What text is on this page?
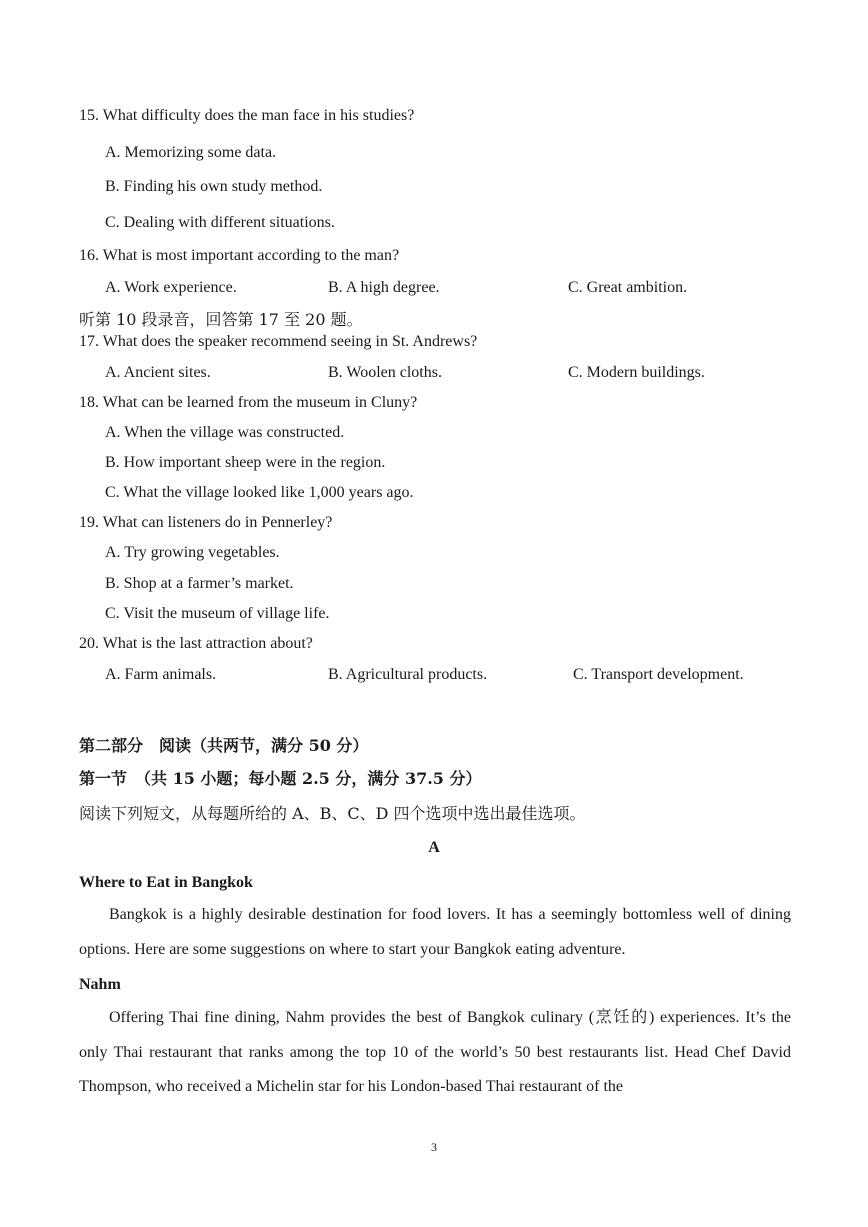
15. What difficulty does the man face in his studies?
A. Memorizing some data.
B. Finding his own study method.
C. Dealing with different situations.
16. What is most important according to the man?
A. Work experience.	B. A high degree.	C. Great ambition.
听第 10 段录音，回答第 17 至 20 题。
17. What does the speaker recommend seeing in St. Andrews?
A. Ancient sites.	B. Woolen cloths.	C. Modern buildings.
18. What can be learned from the museum in Cluny?
A. When the village was constructed.
B. How important sheep were in the region.
C. What the village looked like 1,000 years ago.
19. What can listeners do in Pennerley?
A. Try growing vegetables.
B. Shop at a farmer’s market.
C. Visit the museum of village life.
20. What is the last attraction about?
A. Farm animals.	B. Agricultural products.	C. Transport development.
第二部分　阅读（共两节，满分 50 分）
第一节　（共 15 小题；每小题 2.5 分，满分 37.5 分）
阅读下列短文，从每题所给的 A、B、C、D 四个选项中选出最佳选项。
A
Where to Eat in Bangkok
Bangkok is a highly desirable destination for food lovers. It has a seemingly bottomless well of dining options. Here are some suggestions on where to start your Bangkok eating adventure.
Nahm
Offering Thai fine dining, Nahm provides the best of Bangkok culinary (烹饪的) experiences. It’s the only Thai restaurant that ranks among the top 10 of the world’s 50 best restaurants list. Head Chef David Thompson, who received a Michelin star for his London-based Thai restaurant of the
3
